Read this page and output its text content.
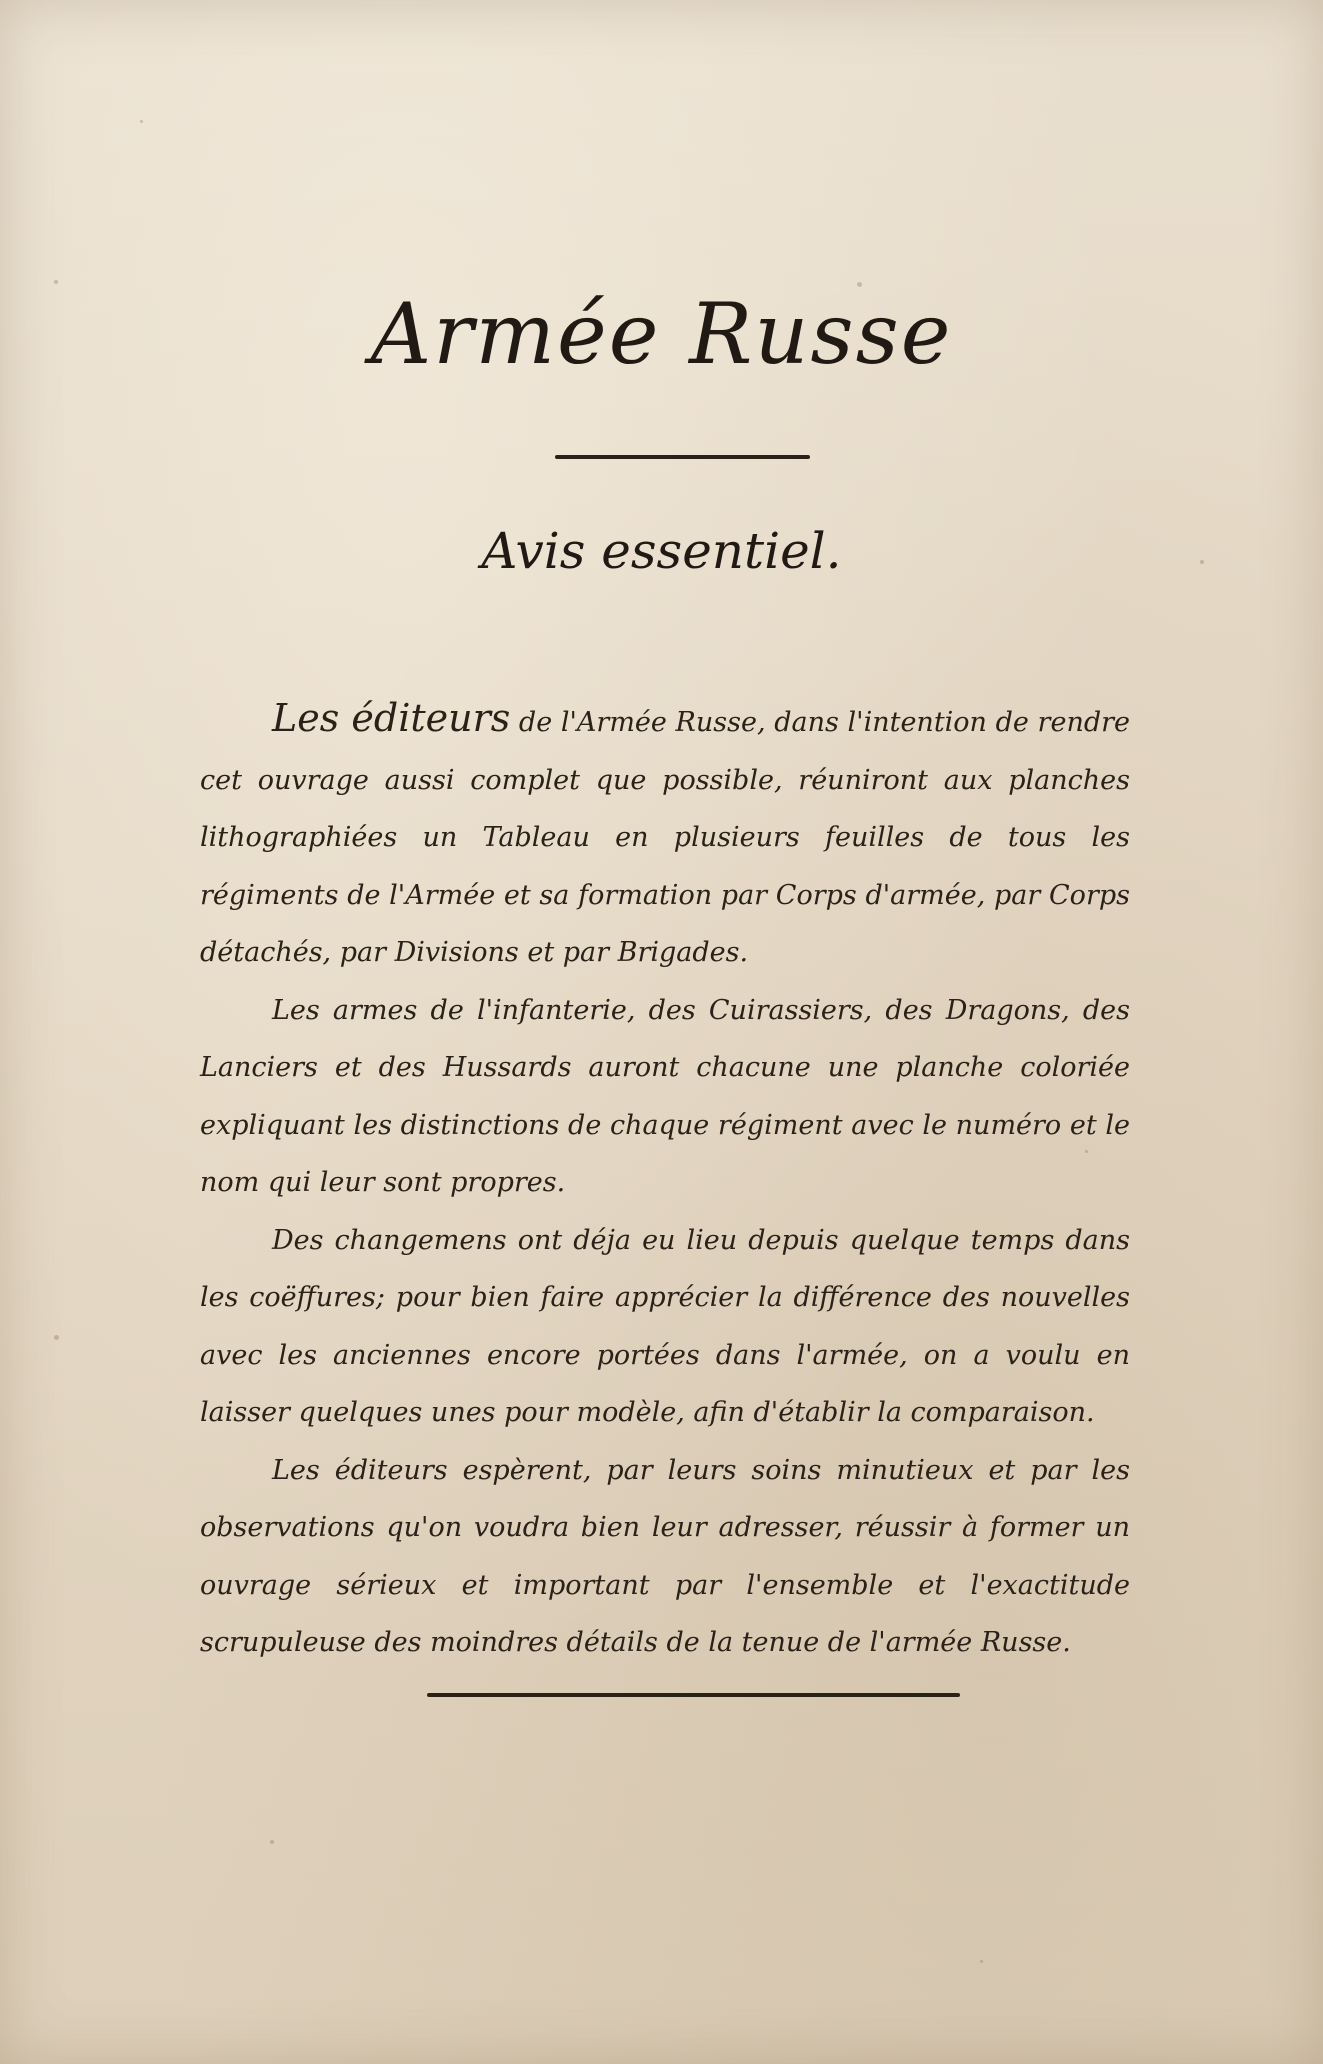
Armée Russe
Avis essentiel.

Les éditeurs de l'Armée Russe, dans l'intention de rendre cet ouvrage aussi complet que possible, réuniront aux planches lithographiées un Tableau en plusieurs feuilles de tous les régiments de l'Armée et sa formation par Corps d'armée, par Corps détachés, par Divisions et par Brigades.

Les armes de l'infanterie, des Cuirassiers, des Dragons, des Lanciers et des Hussards auront chacune une planche coloriée expliquant les distinctions de chaque régiment avec le numéro et le nom qui leur sont propres.

Des changemens ont déja eu lieu depuis quelque temps dans les coëffures; pour bien faire apprécier la différence des nouvelles avec les anciennes encore portées dans l'armée, on a voulu en laisser quelques unes pour modèle, afin d'établir la comparaison.

Les éditeurs espèrent, par leurs soins minutieux et par les observations qu'on voudra bien leur adresser, réussir à former un ouvrage sérieux et important par l'ensemble et l'exactitude scrupuleuse des moindres détails de la tenue de l'armée Russe.
